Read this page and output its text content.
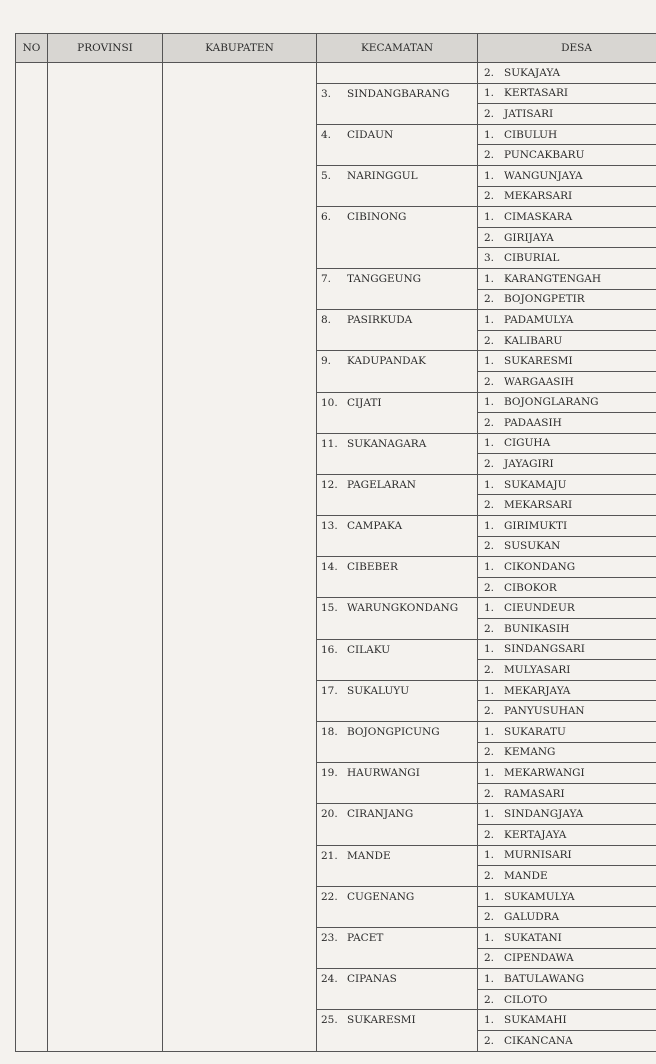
NO	PROVINSI	KABUPATEN	KECAMATAN	DESA
				2. SUKAJAYA
			3. SINDANGBARANG	1. KERTASARI
				2. JATISARI
			4. CIDAUN	1. CIBULUH
				2. PUNCAKBARU
			5. NARINGGUL	1. WANGUNJAYA
				2. MEKARSARI
			6. CIBINONG	1. CIMASKARA
				2. GIRIJAYA
				3. CIBURIAL
			7. TANGGEUNG	1. KARANGTENGAH
				2. BOJONGPETIR
			8. PASIRKUDA	1. PADAMULYA
				2. KALIBARU
			9. KADUPANDAK	1. SUKARESMI
				2. WARGAASIH
			10. CIJATI	1. BOJONGLARANG
				2. PADAASIH
			11. SUKANAGARA	1. CIGUHA
				2. JAYAGIRI
			12. PAGELARAN	1. SUKAMAJU
				2. MEKARSARI
			13. CAMPAKA	1. GIRIMUKTI
				2. SUSUKAN
			14. CIBEBER	1. CIKONDANG
				2. CIBOKOR
			15. WARUNGKONDANG	1. CIEUNDEUR
				2. BUNIKASIH
			16. CILAKU	1. SINDANGSARI
				2. MULYASARI
			17. SUKALUYU	1. MEKARJAYA
				2. PANYUSUHAN
			18. BOJONGPICUNG	1. SUKARATU
				2. KEMANG
			19. HAURWANGI	1. MEKARWANGI
				2. RAMASARI
			20. CIRANJANG	1. SINDANGJAYA
				2. KERTAJAYA
			21. MANDE	1. MURNISARI
				2. MANDE
			22. CUGENANG	1. SUKAMULYA
				2. GALUDRA
			23. PACET	1. SUKATANI
				2. CIPENDAWA
			24. CIPANAS	1. BATULAWANG
				2. CILOTO
			25. SUKARESMI	1. SUKAMAHI
				2. CIKANCANA
